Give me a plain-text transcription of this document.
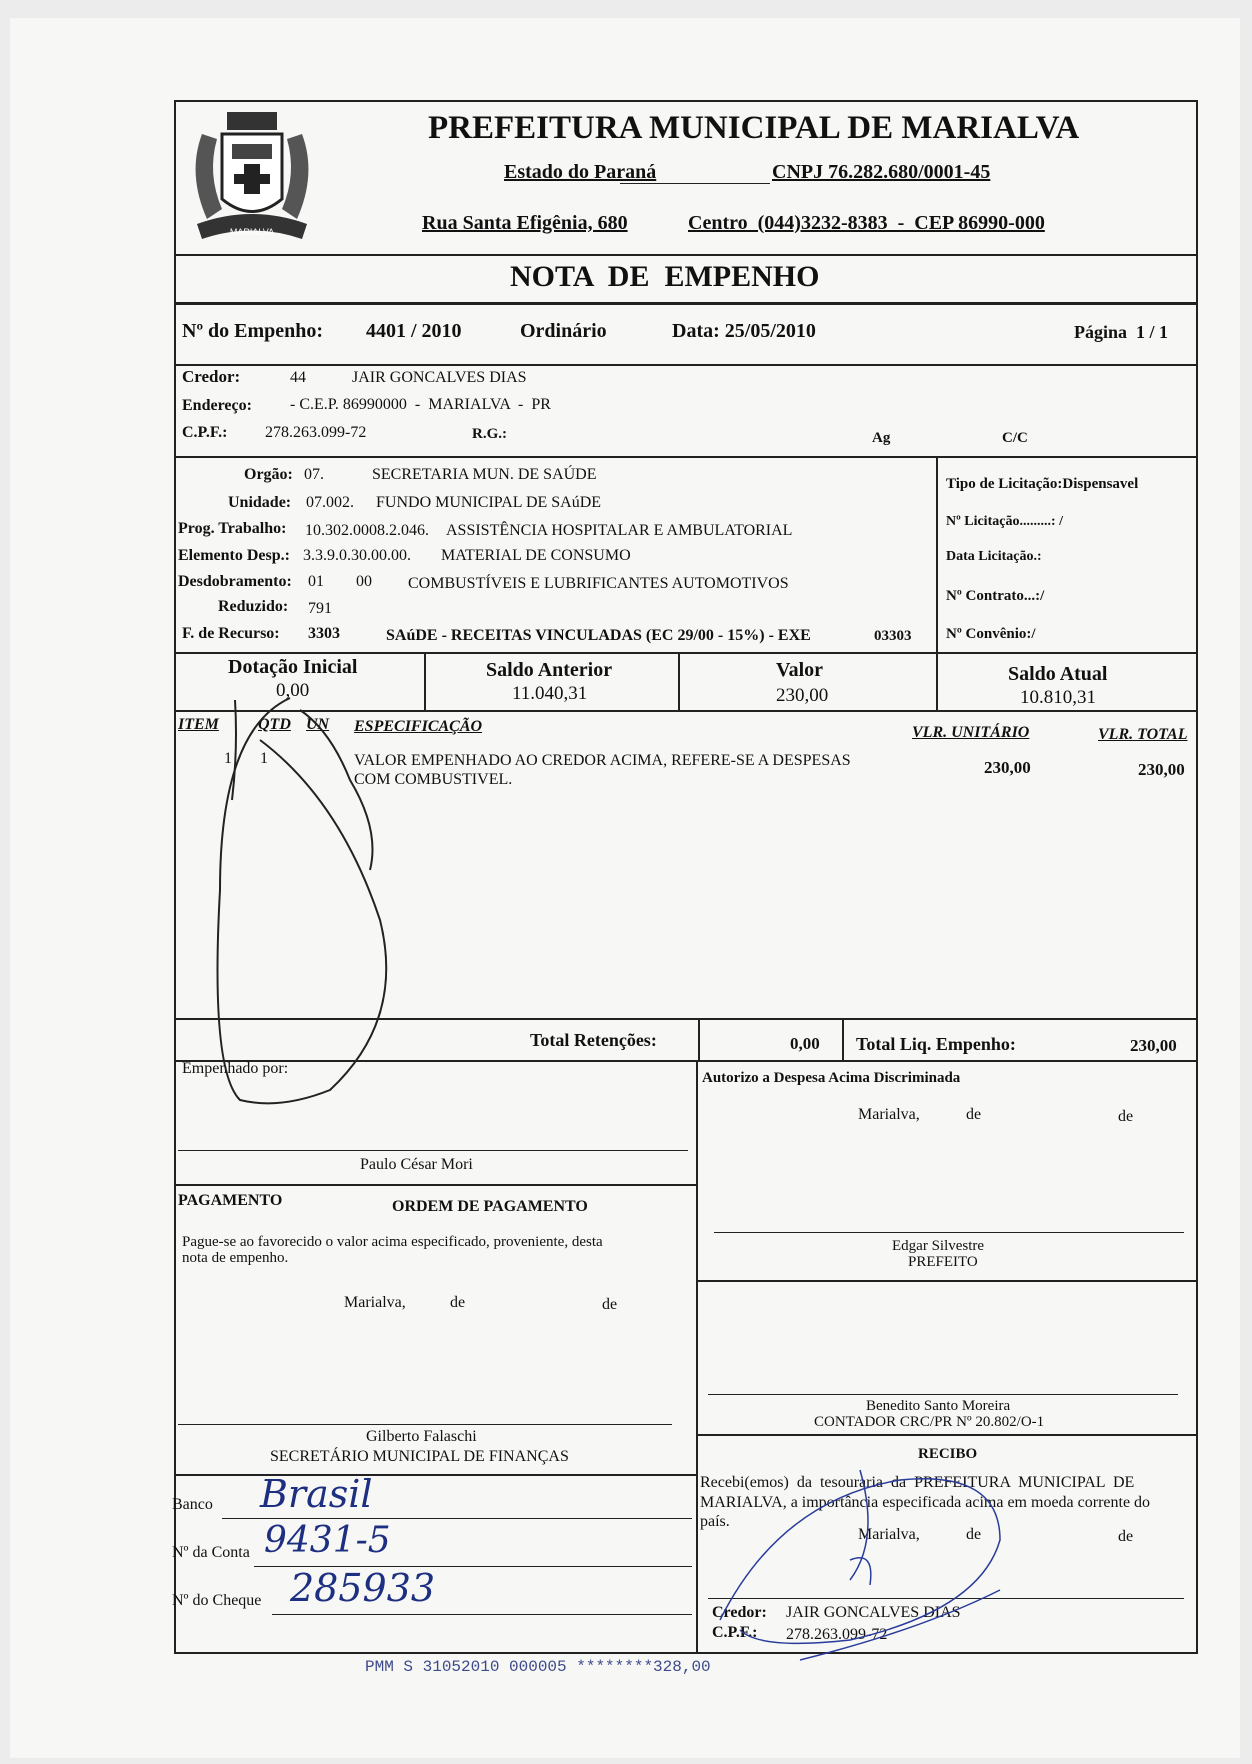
MARIALVA
PREFEITURA MUNICIPAL DE MARIALVA
Estado do Paraná	CNPJ 76.282.680/0001-45
Rua Santa Efigênia, 680	Centro  (044)3232-8383  -  CEP 86990-000
NOTA  DE  EMPENHO
Nº do Empenho: 4401 / 2010	Ordinário	Data: 25/05/2010	Página  1 / 1
Credor:	44	JAIR GONCALVES DIAS
Endereço: - C.E.P. 86990000  -  MARIALVA  -  PR
C.P.F.: 278.263.099-72	R.G.:	Ag	C/C
Orgão: 07.	SECRETARIA MUN. DE SAÚDE
Unidade: 07.002. FUNDO MUNICIPAL DE SAúDE
Prog. Trabalho: 10.302.0008.2.046. ASSISTÊNCIA HOSPITALAR E AMBULATORIAL
Elemento Desp.: 3.3.9.0.30.00.00. MATERIAL DE CONSUMO
Desdobramento: 01 00 COMBUSTÍVEIS E LUBRIFICANTES AUTOMOTIVOS
Reduzido: 791
F. de Recurso: 3303	SAúDE - RECEITAS VINCULADAS (EC 29/00 - 15%) - EXE	03303
Tipo de Licitação:Dispensavel
Nº Licitação.........: /
Data Licitação.:
Nº Contrato...:/
Nº Convênio:/
Dotação Inicial
0,00
Saldo Anterior
11.040,31
Valor
230,00
Saldo Atual
10.810,31
ITEM QTD UN ESPECIFICAÇÃO	VLR. UNITÁRIO	VLR. TOTAL
1 1	VALOR EMPENHADO AO CREDOR ACIMA, REFERE-SE A DESPESAS
COM COMBUSTIVEL.
230,00	230,00
Total Retenções:	0,00 Total Liq. Empenho:	230,00
Empenhado por:
Paulo César Mori
Autorizo a Despesa Acima Discriminada
Marialva,	de	de
Edgar Silvestre
PREFEITO
PAGAMENTO	ORDEM DE PAGAMENTO
Pague-se ao favorecido o valor acima especificado, proveniente, desta
nota de empenho.
Marialva,	de	de
Gilberto Falaschi
SECRETÁRIO MUNICIPAL DE FINANÇAS
Benedito Santo Moreira
CONTADOR CRC/PR Nº 20.802/O-1
RECIBO
Recebi(emos)  da  tesouraria  da  PREFEITURA  MUNICIPAL  DE
MARIALVA, a importância especificada acima em moeda corrente do
país.
Marialva,	de	de
Credor: JAIR GONCALVES DIAS
C.P.F.: 278.263.099-72
Banco Brasil
Nº da Conta 9431-5
Nº do Cheque 285933
PMM S 31052010 000005 ********328,00
